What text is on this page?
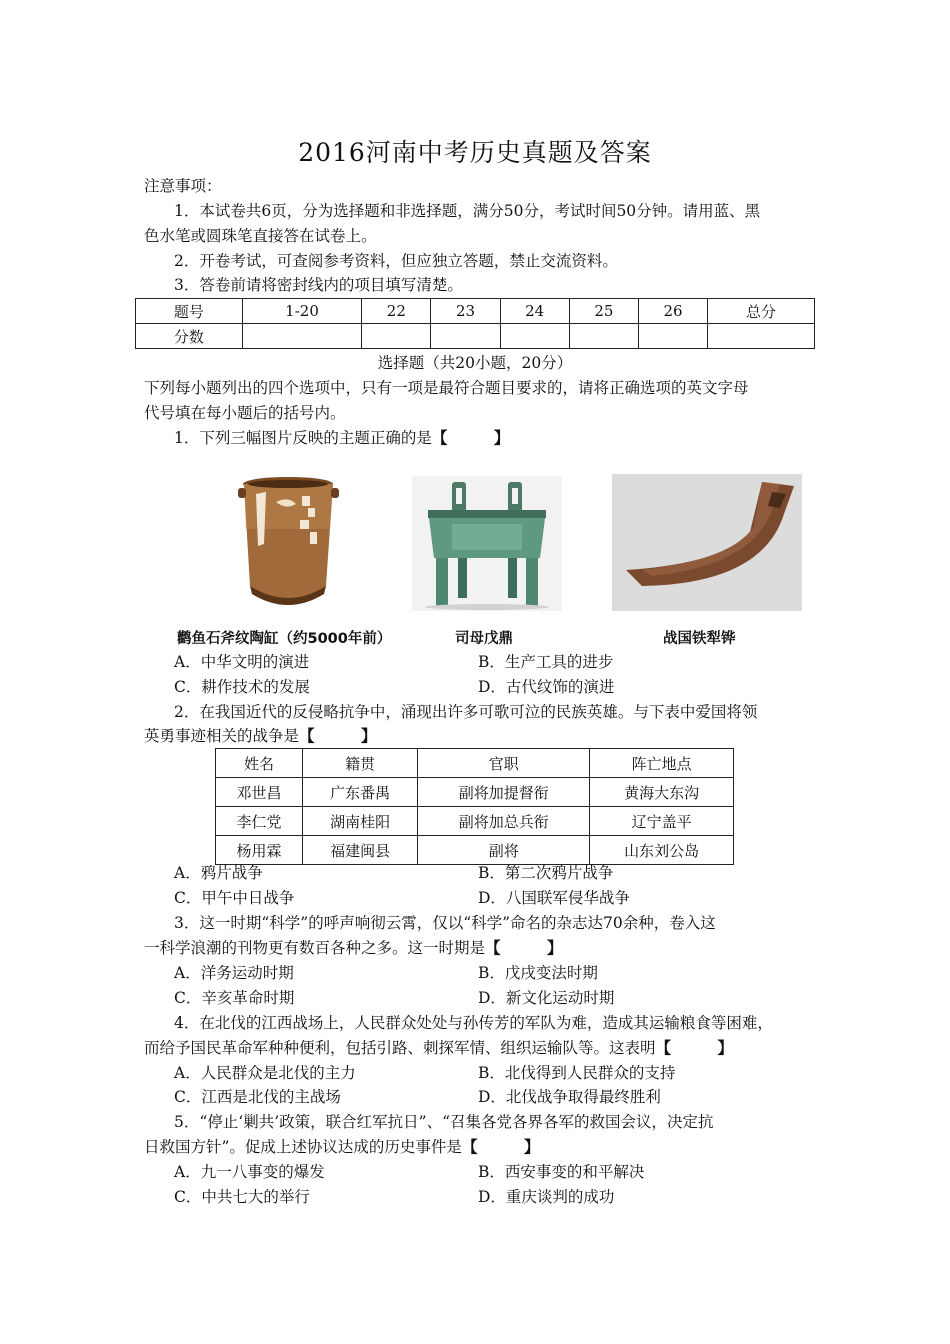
2016河南中考历史真题及答案
注意事项：
1．本试卷共6页，分为选择题和非选择题，满分50分，考试时间50分钟。请用蓝、黑
色水笔或圆珠笔直接答在试卷上。
2．开卷考试，可查阅参考资料，但应独立答题，禁止交流资料。
3．答卷前请将密封线内的项目填写清楚。
题号	1-20	22	23	24	25	26	总分
分数							
选择题（共20小题，20分）
下列每小题列出的四个选项中，只有一项是最符合题目要求的，请将正确选项的英文字母
代号填在每小题后的括号内。
1．下列三幅图片反映的主题正确的是【　　　】
鹳鱼石斧纹陶缸（约5000年前）	司母戊鼎	战国铁犁铧
A．中华文明的演进	B．生产工具的进步
C．耕作技术的发展	D．古代纹饰的演进
2．在我国近代的反侵略抗争中，涌现出许多可歌可泣的民族英雄。与下表中爱国将领
英勇事迹相关的战争是【　　　】
姓名	籍贯	官职	阵亡地点
邓世昌	广东番禺	副将加提督衔	黄海大东沟
李仁党	湖南桂阳	副将加总兵衔	辽宁盖平
杨用霖	福建闽县	副将	山东刘公岛
A．鸦片战争	B．第二次鸦片战争
C．甲午中日战争	D．八国联军侵华战争
3．这一时期“科学”的呼声响彻云霄，仅以“科学”命名的杂志达70余种，卷入这
一科学浪潮的刊物更有数百各种之多。这一时期是【　　　】
A．洋务运动时期	B．戊戌变法时期
C．辛亥革命时期	D．新文化运动时期
4．在北伐的江西战场上，人民群众处处与孙传芳的军队为难，造成其运输粮食等困难，
而给予国民革命军种种便利，包括引路、刺探军情、组织运输队等。这表明【　　　】
A．人民群众是北伐的主力	B．北伐得到人民群众的支持
C．江西是北伐的主战场	D．北伐战争取得最终胜利
5．“停止‘剿共’政策，联合红军抗日”、“召集各党各界各军的救国会议，决定抗
日救国方针”。促成上述协议达成的历史事件是【　　　】
A．九一八事变的爆发	B．西安事变的和平解决
C．中共七大的举行	D．重庆谈判的成功
